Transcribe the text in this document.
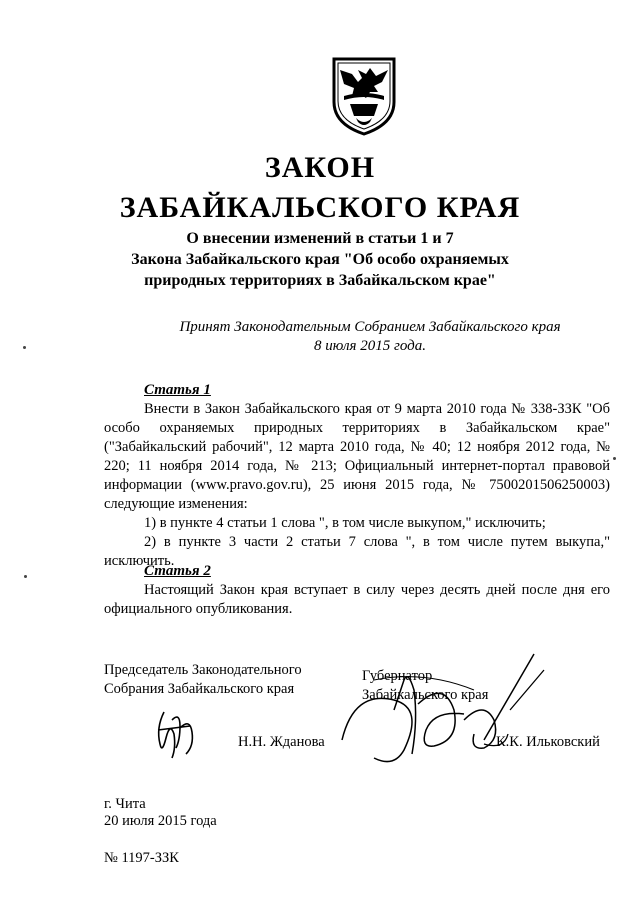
ЗАКОН
ЗАБАЙКАЛЬСКОГО КРАЯ
О внесении изменений в статьи 1 и 7
Закона Забайкальского края "Об особо охраняемых
природных территориях в Забайкальском крае"
Принят Законодательным Собранием Забайкальского края
8 июля 2015 года.
Статья 1
Внести в Закон Забайкальского края от 9 марта 2010 года № 338-ЗЗК "Об особо охраняемых природных территориях в Забайкальском крае" ("Забайкальский рабочий", 12 марта 2010 года, № 40; 12 ноября 2012 года, № 220; 11 ноября 2014 года, № 213; Официальный интернет-портал правовой информации (www.pravo.gov.ru), 25 июня 2015 года, № 7500201506250003) следующие изменения:
1) в пункте 4 статьи 1 слова ", в том числе выкупом," исключить;
2) в пункте 3 части 2 статьи 7 слова ", в том числе путем выкупа," исключить.
Статья 2
Настоящий Закон края вступает в силу через десять дней после дня его официального опубликования.
Председатель Законодательного
Собрания Забайкальского края
Н.Н. Жданова
Губернатор
Забайкальского края
К.К. Ильковский
г. Чита
20 июля 2015 года
№ 1197-ЗЗК
